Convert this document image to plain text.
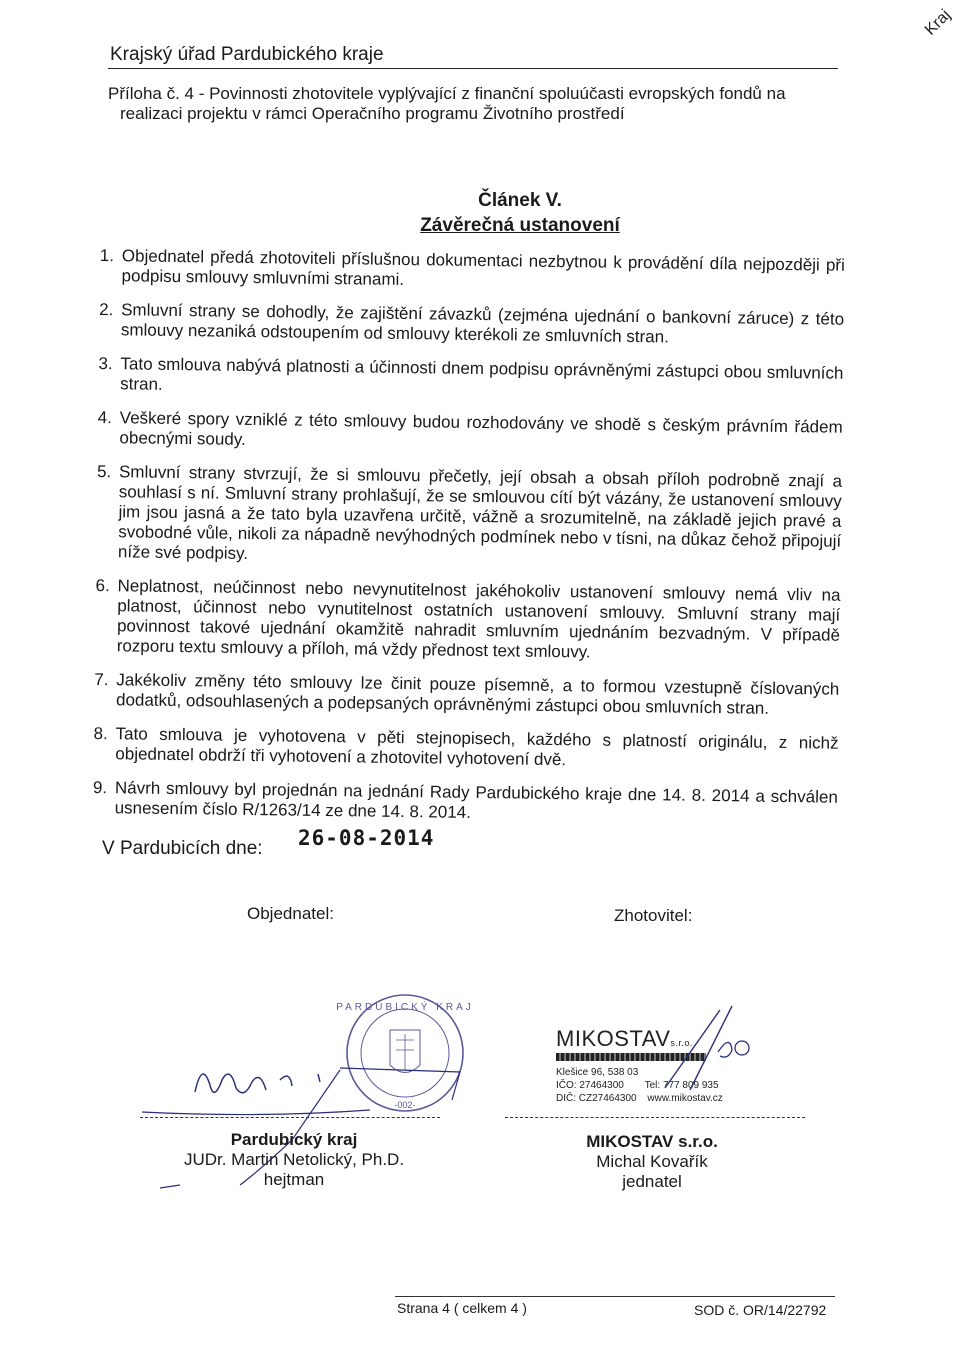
Krajský úřad Pardubického kraje
Příloha č. 4 - Povinnosti zhotovitele vyplývající z finanční spoluúčasti evropských fondů na
realizaci projektu v rámci Operačního programu Životního prostředí
Článek V.
Závěrečná ustanovení
1. Objednatel předá zhotoviteli příslušnou dokumentaci nezbytnou k provádění díla nejpozději při podpisu smlouvy smluvními stranami.
2. Smluvní strany se dohodly, že zajištění závazků (zejména ujednání o bankovní záruce) z této smlouvy nezaniká odstoupením od smlouvy kterékoli ze smluvních stran.
3. Tato smlouva nabývá platnosti a účinnosti dnem podpisu oprávněnými zástupci obou smluvních stran.
4. Veškeré spory vzniklé z této smlouvy budou rozhodovány ve shodě s českým právním řádem obecnými soudy.
5. Smluvní strany stvrzují, že si smlouvu přečetly, její obsah a obsah příloh podrobně znají a souhlasí s ní. Smluvní strany prohlašují, že se smlouvou cítí být vázány, že ustanovení smlouvy jim jsou jasná a že tato byla uzavřena určitě, vážně a srozumitelně, na základě jejich pravé a svobodné vůle, nikoli za nápadně nevýhodných podmínek nebo v tísni, na důkaz čehož připojují níže své podpisy.
6. Neplatnost, neúčinnost nebo nevynutitelnost jakéhokoliv ustanovení smlouvy nemá vliv na platnost, účinnost nebo vynutitelnost ostatních ustanovení smlouvy. Smluvní strany mají povinnost takové ujednání okamžitě nahradit smluvním ujednáním bezvadným. V případě rozporu textu smlouvy a příloh, má vždy přednost text smlouvy.
7. Jakékoliv změny této smlouvy lze činit pouze písemně, a to formou vzestupně číslovaných dodatků, odsouhlasených a podepsaných oprávněnými zástupci obou smluvních stran.
8. Tato smlouva je vyhotovena v pěti stejnopisech, každého s platností originálu, z nichž objednatel obdrží tři vyhotovení a zhotovitel vyhotovení dvě.
9. Návrh smlouvy byl projednán na jednání Rady Pardubického kraje dne 14. 8. 2014 a schválen usnesením číslo R/1263/14 ze dne 14. 8. 2014.
V Pardubicích dne: 26-08-2014
Objednatel:	Zhotovitel:
-002-
PARDUBICKÝ KRAJ
MIKOSTAVs.r.o.
Klešice 96, 538 03
IČO: 27464300 Tel: 777 809 935
DIČ: CZ27464300 www.mikostav.cz
Pardubický kraj
JUDr. Martin Netolický, Ph.D.
hejtman
MIKOSTAV s.r.o.
Michal Kovařík
jednatel
Strana 4 ( celkem 4 )	SOD č. OR/14/22792
Kraj
